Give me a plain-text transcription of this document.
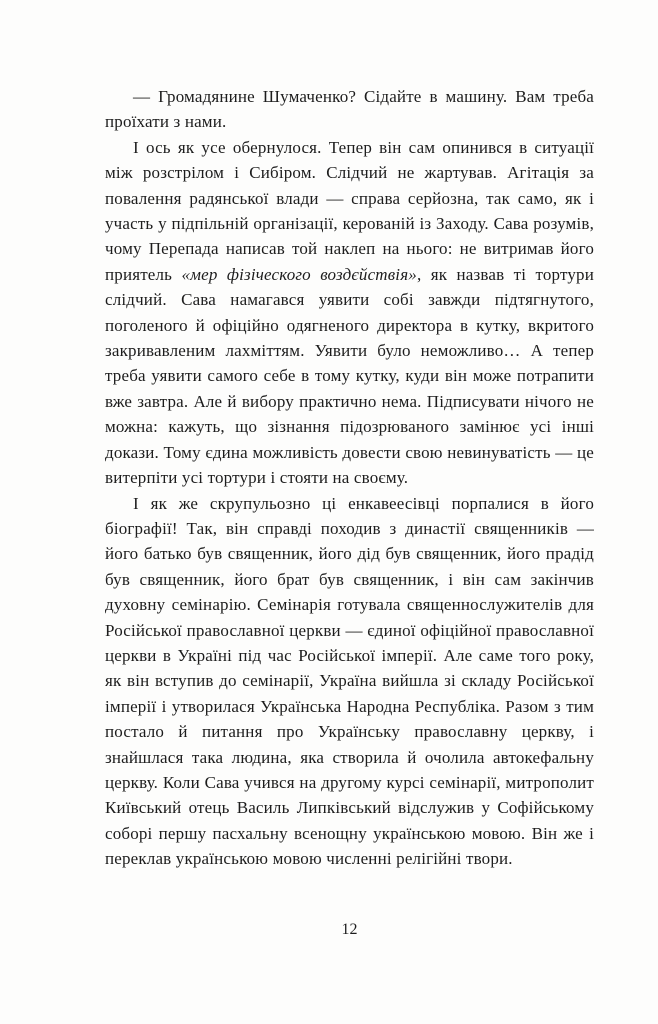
— Громадянине Шумаченко? Сідайте в машину. Вам треба проїхати з нами.

І ось як усе обернулося. Тепер він сам опинився в ситуації між розстрілом і Сибіром. Слідчий не жартував. Агітація за повалення радянської влади — справа серйозна, так само, як і участь у підпільній організації, керованій із Заходу. Сава розумів, чому Перепада написав той наклеп на нього: не витримав його приятель «мер фізіческого воздєйствія», як назвав ті тортури слідчий. Сава намагався уявити собі завжди підтягнутого, поголеного й офіційно одягненого директора в кутку, вкритого закривавленим лахміттям. Уявити було неможливо… А тепер треба уявити самого себе в тому кутку, куди він може потрапити вже завтра. Але й вибору практично нема. Підписувати нічого не можна: кажуть, що зізнання підозрюваного замінює усі інші докази. Тому єдина можливість довести свою невинуватість — це витерпіти усі тортури і стояти на своєму.

І як же скрупульозно ці енкавеесівці порпалися в його біографії! Так, він справді походив з династії священників — його батько був священник, його дід був священник, його прадід був священник, його брат був священник, і він сам закінчив духовну семінарію. Семінарія готувала священнослужителів для Російської православної церкви — єдиної офіційної православної церкви в Україні під час Російської імперії. Але саме того року, як він вступив до семінарії, Україна вийшла зі складу Російської імперії і утворилася Українська Народна Республіка. Разом з тим постало й питання про Українську православну церкву, і знайшлася така людина, яка створила й очолила автокефальну церкву. Коли Сава учився на другому курсі семінарії, митрополит Київський отець Василь Липківський відслужив у Софійському соборі першу пасхальну всенощну українською мовою. Він же і переклав українською мовою численні релігійні твори.

12
